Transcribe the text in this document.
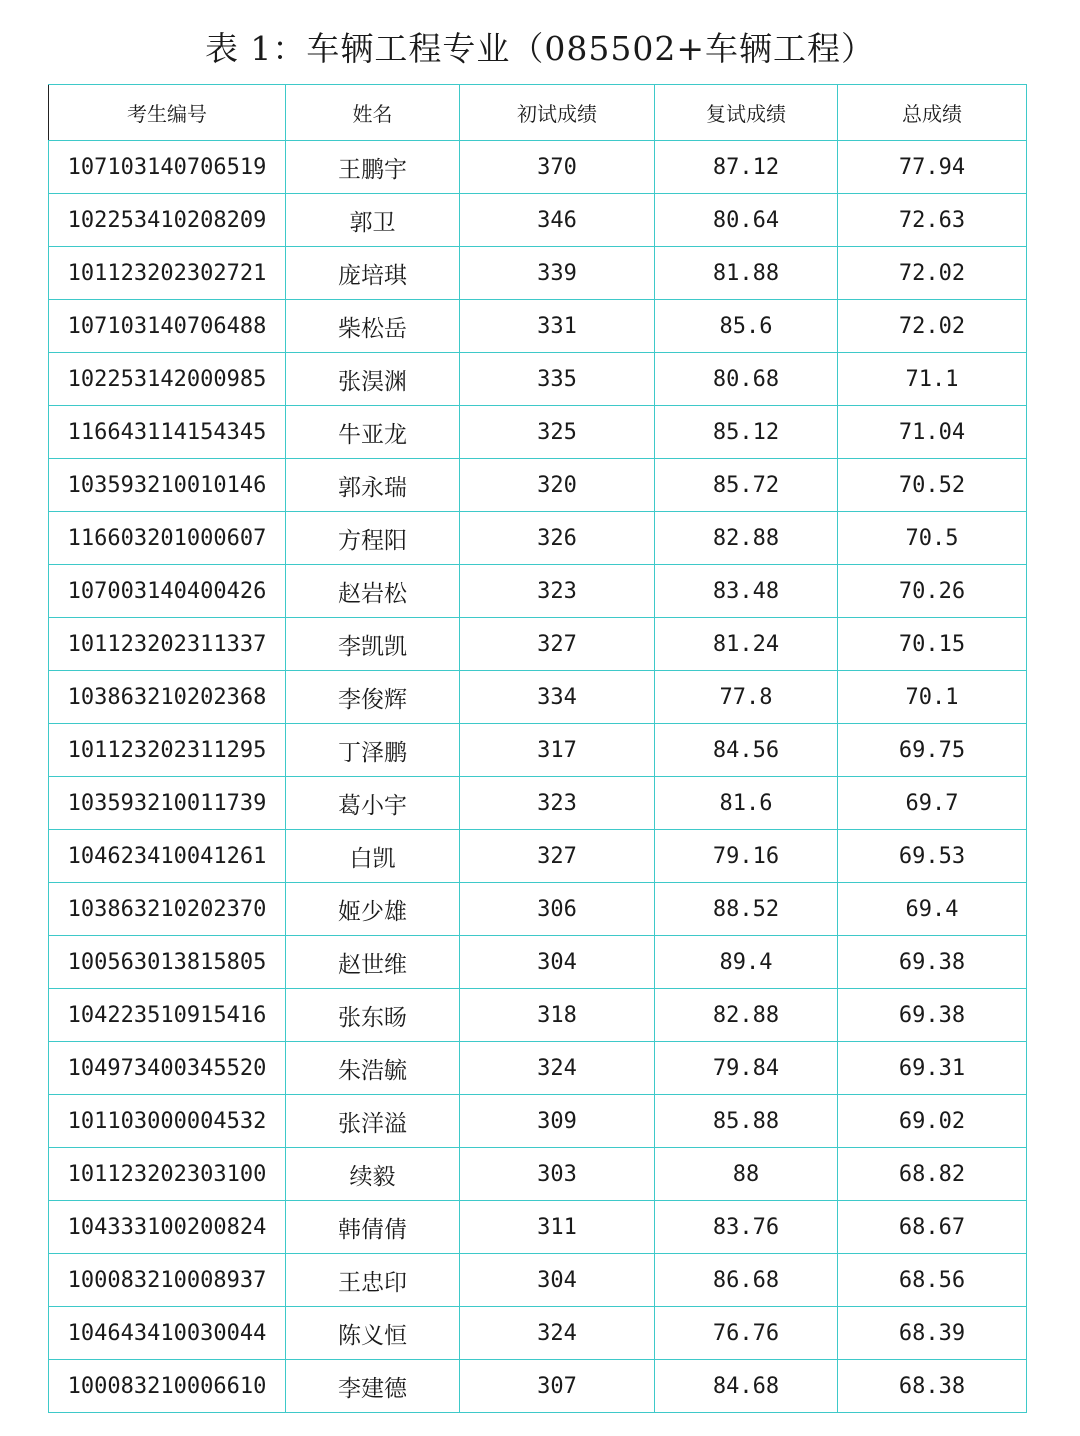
表 1：车辆工程专业（085502+车辆工程）
考生编号	姓名	初试成绩	复试成绩	总成绩
107103140706519	王鹏宇	370	87.12	77.94
102253410208209	郭卫	346	80.64	72.63
101123202302721	庞培琪	339	81.88	72.02
107103140706488	柴松岳	331	85.6	72.02
102253142000985	张淏渊	335	80.68	71.1
116643114154345	牛亚龙	325	85.12	71.04
103593210010146	郭永瑞	320	85.72	70.52
116603201000607	方程阳	326	82.88	70.5
107003140400426	赵岩松	323	83.48	70.26
101123202311337	李凯凯	327	81.24	70.15
103863210202368	李俊辉	334	77.8	70.1
101123202311295	丁泽鹏	317	84.56	69.75
103593210011739	葛小宇	323	81.6	69.7
104623410041261	白凯	327	79.16	69.53
103863210202370	姬少雄	306	88.52	69.4
100563013815805	赵世维	304	89.4	69.38
104223510915416	张东旸	318	82.88	69.38
104973400345520	朱浩毓	324	79.84	69.31
101103000004532	张洋溢	309	85.88	69.02
101123202303100	续毅	303	88	68.82
104333100200824	韩倩倩	311	83.76	68.67
100083210008937	王忠印	304	86.68	68.56
104643410030044	陈义恒	324	76.76	68.39
100083210006610	李建德	307	84.68	68.38
